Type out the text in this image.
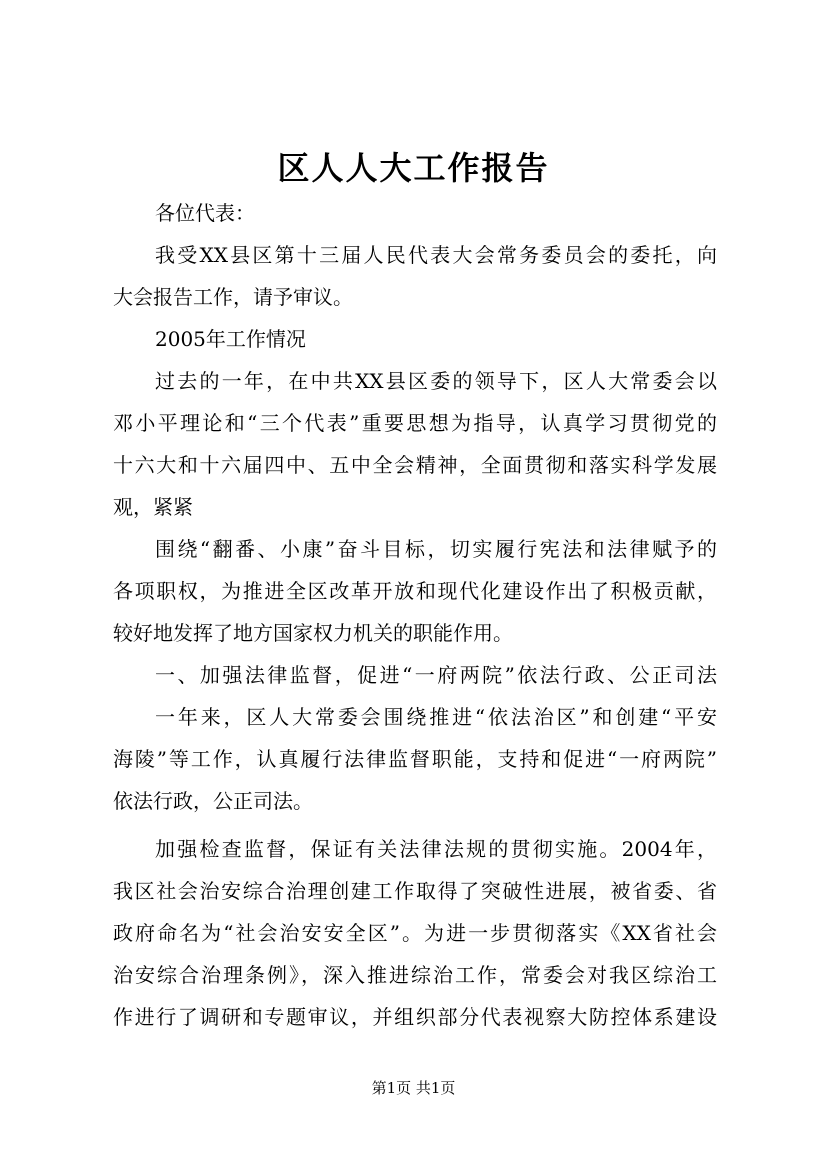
区人人大工作报告

各位代表：

我受XX县区第十三届人民代表大会常务委员会的委托，向

大会报告工作，请予审议。

2005年工作情况

过去的一年，在中共XX县区委的领导下，区人大常委会以

邓小平理论和“三个代表”重要思想为指导，认真学习贯彻党的

十六大和十六届四中、五中全会精神，全面贯彻和落实科学发展

观，紧紧

围绕“翻番、小康”奋斗目标，切实履行宪法和法律赋予的

各项职权，为推进全区改革开放和现代化建设作出了积极贡献，

较好地发挥了地方国家权力机关的职能作用。

一、加强法律监督，促进“一府两院”依法行政、公正司法

一年来，区人大常委会围绕推进“依法治区”和创建“平安

海陵”等工作，认真履行法律监督职能，支持和促进“一府两院”

依法行政，公正司法。

加强检查监督，保证有关法律法规的贯彻实施。2004年，

我区社会治安综合治理创建工作取得了突破性进展，被省委、省

政府命名为“社会治安安全区”。为进一步贯彻落实《XX省社会

治安综合治理条例》，深入推进综治工作，常委会对我区综治工

作进行了调研和专题审议，并组织部分代表视察大防控体系建设

第1页 共1页
